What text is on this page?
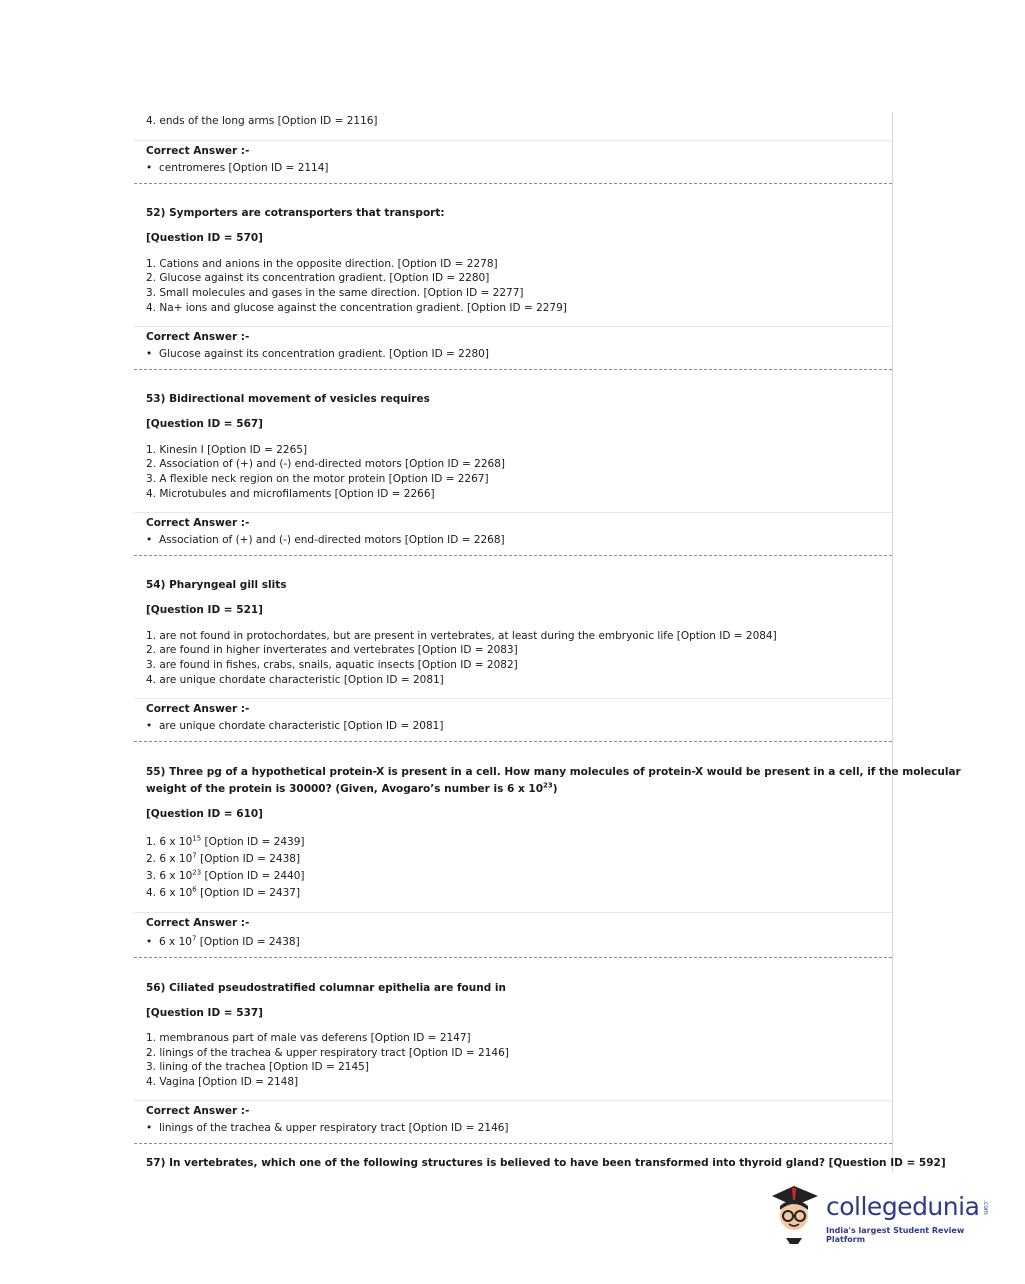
4. ends of the long arms [Option ID = 2116]
Correct Answer :-
• centromeres [Option ID = 2114]
52) Symporters are cotransporters that transport:
[Question ID = 570]
1. Cations and anions in the opposite direction. [Option ID = 2278]
2. Glucose against its concentration gradient. [Option ID = 2280]
3. Small molecules and gases in the same direction. [Option ID = 2277]
4. Na+ ions and glucose against the concentration gradient. [Option ID = 2279]
Correct Answer :-
• Glucose against its concentration gradient. [Option ID = 2280]
53) Bidirectional movement of vesicles requires
[Question ID = 567]
1. Kinesin I [Option ID = 2265]
2. Association of (+) and (-) end-directed motors [Option ID = 2268]
3. A flexible neck region on the motor protein [Option ID = 2267]
4. Microtubules and microfilaments [Option ID = 2266]
Correct Answer :-
• Association of (+) and (-) end-directed motors [Option ID = 2268]
54) Pharyngeal gill slits
[Question ID = 521]
1. are not found in protochordates, but are present in vertebrates, at least during the embryonic life [Option ID = 2084]
2. are found in higher inverterates and vertebrates [Option ID = 2083]
3. are found in fishes, crabs, snails, aquatic insects [Option ID = 2082]
4. are unique chordate characteristic [Option ID = 2081]
Correct Answer :-
• are unique chordate characteristic [Option ID = 2081]
55) Three pg of a hypothetical protein-X is present in a cell. How many molecules of protein-X would be present in a cell, if the molecular
weight of the protein is 30000? (Given, Avogaro’s number is 6 x $10^{23}$)
[Question ID = 610]
1. 6 x $10^{15}$ [Option ID = 2439]
2. 6 x $10^7$ [Option ID = 2438]
3. 6 x $10^{23}$ [Option ID = 2440]
4. 6 x $10^6$ [Option ID = 2437]
Correct Answer :-
• 6 x $10^7$ [Option ID = 2438]
56) Ciliated pseudostratified columnar epithelia are found in
[Question ID = 537]
1. membranous part of male vas deferens [Option ID = 2147]
2. linings of the trachea & upper respiratory tract [Option ID = 2146]
3. lining of the trachea [Option ID = 2145]
4. Vagina [Option ID = 2148]
Correct Answer :-
• linings of the trachea & upper respiratory tract [Option ID = 2146]
57) In vertebrates, which one of the following structures is believed to have been transformed into thyroid gland? [Question ID = 592]
collegedunia .com
India's largest Student Review Platform
